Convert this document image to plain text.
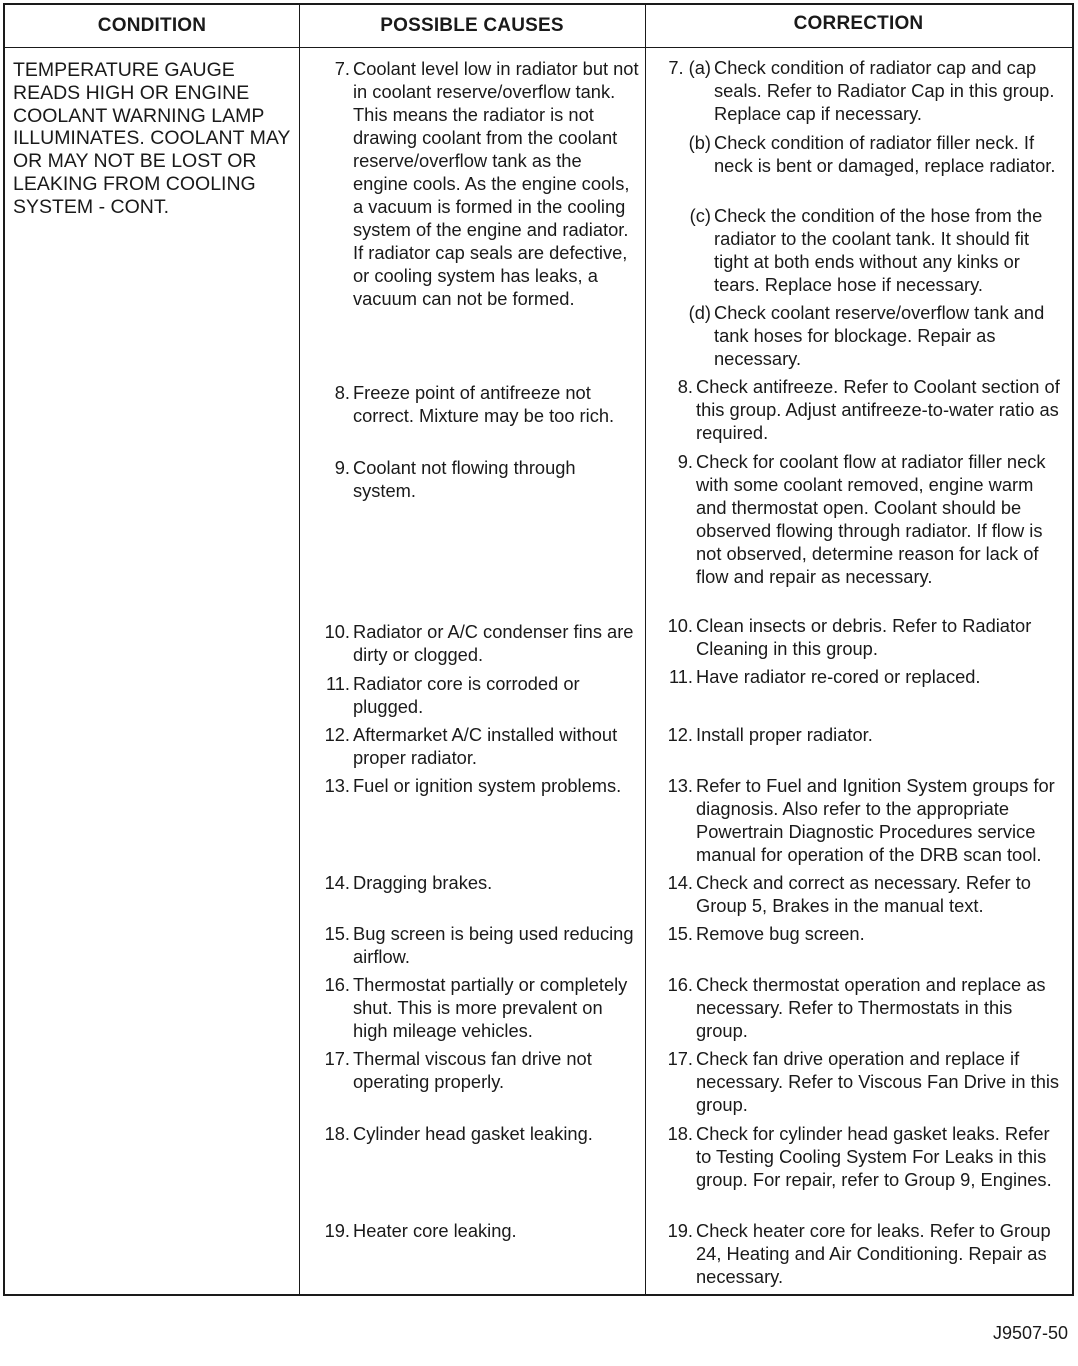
CONDITION	POSSIBLE CAUSES	CORRECTION
TEMPERATURE GAUGE READS HIGH OR ENGINE COOLANT WARNING LAMP ILLUMINATES. COOLANT MAY OR MAY NOT BE LOST OR LEAKING FROM COOLING SYSTEM - CONT.
7. Coolant level low in radiator but not in coolant reserve/overflow tank. This means the radiator is not drawing coolant from the coolant reserve/overflow tank as the engine cools. As the engine cools, a vacuum is formed in the cooling system of the engine and radiator. If radiator cap seals are defective, or cooling system has leaks, a vacuum can not be formed.
8. Freeze point of antifreeze not correct. Mixture may be too rich.
9. Coolant not flowing through system.
10. Radiator or A/C condenser fins are dirty or clogged.
11. Radiator core is corroded or plugged.
12. Aftermarket A/C installed without proper radiator.
13. Fuel or ignition system problems.
14. Dragging brakes.
15. Bug screen is being used reducing airflow.
16. Thermostat partially or completely shut. This is more prevalent on high mileage vehicles.
17. Thermal viscous fan drive not operating properly.
18. Cylinder head gasket leaking.
19. Heater core leaking.
7. (a) Check condition of radiator cap and cap seals. Refer to Radiator Cap in this group. Replace cap if necessary.
(b) Check condition of radiator filler neck. If neck is bent or damaged, replace radiator.
(c) Check the condition of the hose from the radiator to the coolant tank. It should fit tight at both ends without any kinks or tears. Replace hose if necessary.
(d) Check coolant reserve/overflow tank and tank hoses for blockage. Repair as necessary.
8. Check antifreeze. Refer to Coolant section of this group. Adjust antifreeze-to-water ratio as required.
9. Check for coolant flow at radiator filler neck with some coolant removed, engine warm and thermostat open. Coolant should be observed flowing through radiator. If flow is not observed, determine reason for lack of flow and repair as necessary.
10. Clean insects or debris. Refer to Radiator Cleaning in this group.
11. Have radiator re-cored or replaced.
12. Install proper radiator.
13. Refer to Fuel and Ignition System groups for diagnosis. Also refer to the appropriate Powertrain Diagnostic Procedures service manual for operation of the DRB scan tool.
14. Check and correct as necessary. Refer to Group 5, Brakes in the manual text.
15. Remove bug screen.
16. Check thermostat operation and replace as necessary. Refer to Thermostats in this group.
17. Check fan drive operation and replace if necessary. Refer to Viscous Fan Drive in this group.
18. Check for cylinder head gasket leaks. Refer to Testing Cooling System For Leaks in this group. For repair, refer to Group 9, Engines.
19. Check heater core for leaks. Refer to Group 24, Heating and Air Conditioning. Repair as necessary.
J9507-50
